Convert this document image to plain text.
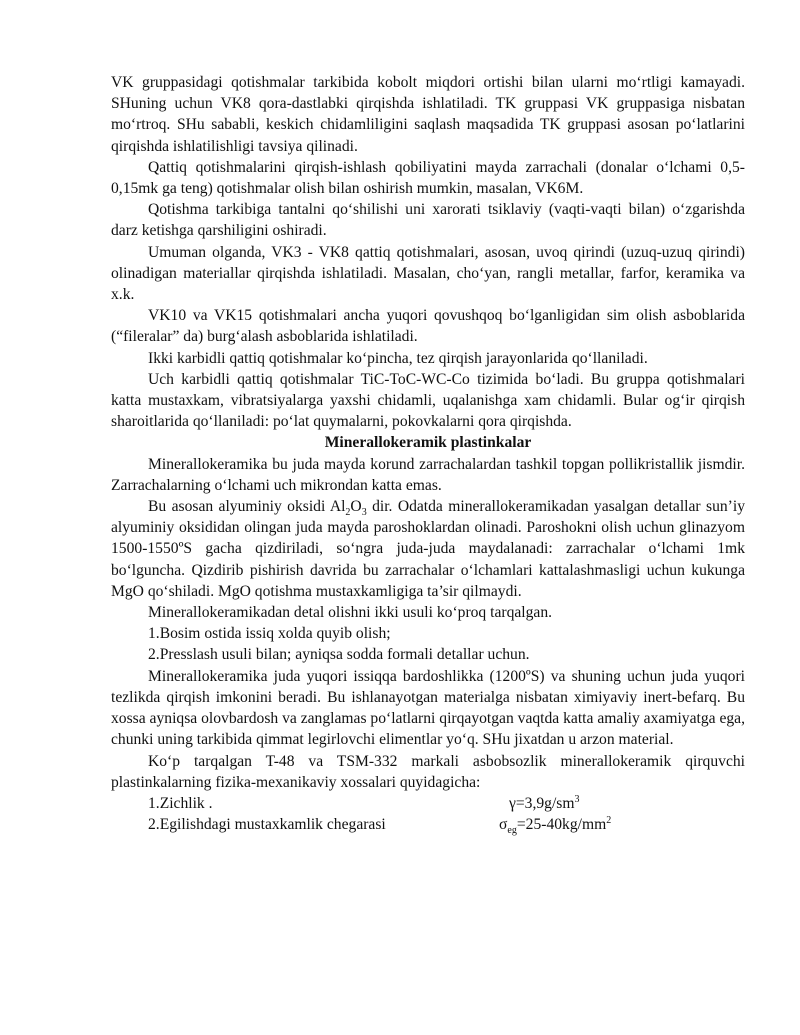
VK gruppasidagi qotishmalar tarkibida kobolt miqdori ortishi bilan ularni mo‘rtligi kamayadi. SHuning uchun VK8 qora-dastlabki qirqishda ishlatiladi. TK gruppasi VK gruppasiga nisbatan mo‘rtroq. SHu sababli, keskich chidamliligini saqlash maqsadida TK gruppasi asosan po‘latlarini qirqishda ishlatilishligi tavsiya qilinadi.

Qattiq qotishmalarini qirqish-ishlash qobiliyatini mayda zarrachali (donalar o‘lchami 0,5-0,15mk ga teng) qotishmalar olish bilan oshirish mumkin, masalan, VK6M.

Qotishma tarkibiga tantalni qo‘shilishi uni xarorati tsiklaviy (vaqti-vaqti bilan) o‘zgarishda darz ketishga qarshiligini oshiradi.

Umuman olganda, VK3 - VK8 qattiq qotishmalari, asosan, uvoq qirindi (uzuq-uzuq qirindi) olinadigan materiallar qirqishda ishlatiladi. Masalan, cho‘yan, rangli metallar, farfor, keramika va x.k.

VK10 va VK15 qotishmalari ancha yuqori qovushqoq bo‘lganligidan sim olish asboblarida (“fileralar” da) burg‘alash asboblarida ishlatiladi.

Ikki karbidli qattiq qotishmalar ko‘pincha, tez qirqish jarayonlarida qo‘llaniladi.

Uch karbidli qattiq qotishmalar TiC-ToC-WC-Co tizimida bo‘ladi. Bu gruppa qotishmalari katta mustaxkam, vibratsiyalarga yaxshi chidamli, uqalanishga xam chidamli. Bular og‘ir qirqish sharoitlarida qo‘llaniladi: po‘lat quymalarni, pokovkalarni qora qirqishda.

Minerallokeramik plastinkalar

Minerallokeramika bu juda mayda korund zarrachalardan tashkil topgan pollikristallik jismdir. Zarrachalarning o‘lchami uch mikrondan katta emas.

Bu asosan alyuminiy oksidi $Al_2O_3$ dir. Odatda minerallokeramikadan yasalgan detallar sun’iy alyuminiy oksididan olingan juda mayda paroshoklardan olinadi. Paroshokni olish uchun glinazyom 1500-1550ºS gacha qizdiriladi, so‘ngra juda-juda maydalanadi: zarrachalar o‘lchami 1mk bo‘lguncha. Qizdirib pishirish davrida bu zarrachalar o‘lchamlari kattalashmasligi uchun kukunga MgO qo‘shiladi. MgO qotishma mustaxkamligiga ta’sir qilmaydi.

Minerallokeramikadan detal olishni ikki usuli ko‘proq tarqalgan.

1.Bosim ostida issiq xolda quyib olish;

2.Presslash usuli bilan; ayniqsa sodda formali detallar uchun.

Minerallokeramika juda yuqori issiqqa bardoshlikka (1200ºS) va shuning uchun juda yuqori tezlikda qirqish imkonini beradi. Bu ishlanayotgan materialga nisbatan ximiyaviy inert-befarq. Bu xossa ayniqsa olovbardosh va zanglamas po‘latlarni qirqayotgan vaqtda katta amaliy axamiyatga ega, chunki uning tarkibida qimmat legirlovchi elimentlar yo‘q. SHu jixatdan u arzon material.

Ko‘p tarqalgan T-48 va TSM-332 markali asbobsozlik minerallokeramik qirquvchi plastinkalarning fizika-mexanikaviy xossalari quyidagicha:

1.Zichlik .	$\gamma=3,9g/sm^3$
2.Egilishdagi mustaxkamlik chegarasi	$\sigma_{eg}=25-40kg/mm^2$
